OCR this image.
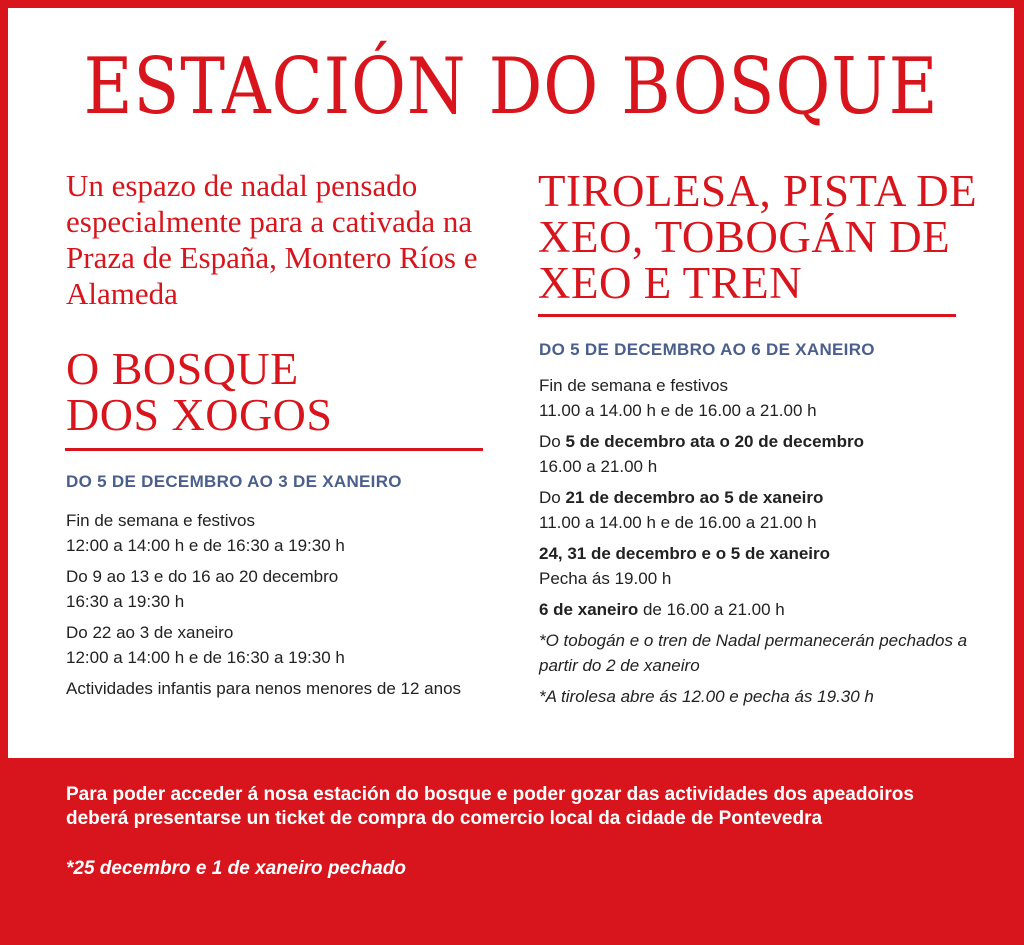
ESTACIÓN DO BOSQUE

Un espazo de nadal pensado especialmente para a cativada na Praza de España, Montero Ríos e Alameda

O BOSQUE
DOS XOGOS

DO 5 DE DECEMBRO AO 3 DE XANEIRO

Fin de semana e festivos
12:00 a 14:00 h e de 16:30 a 19:30 h
Do 9 ao 13 e do 16 ao 20 decembro
16:30 a 19:30 h
Do 22 ao 3 de xaneiro
12:00 a 14:00 h e de 16:30 a 19:30 h
Actividades infantis para nenos menores de 12 anos
TIROLESA, PISTA DE
XEO, TOBOGÁN DE
XEO E TREN

DO 5 DE DECEMBRO AO 6 DE XANEIRO

Fin de semana e festivos
11.00 a 14.00 h e de 16.00 a 21.00 h
Do 5 de decembro ata o 20 de decembro
16.00 a 21.00 h
Do 21 de decembro ao 5 de xaneiro
11.00 a 14.00 h e de 16.00 a 21.00 h
24, 31 de decembro e o 5 de xaneiro
Pecha ás 19.00 h
6 de xaneiro de 16.00 a 21.00 h
*O tobogán e o tren de Nadal permanecerán pechados a partir do 2 de xaneiro
*A tirolesa abre ás 12.00 e pecha ás 19.30 h
Para poder acceder á nosa estación do bosque e poder gozar das actividades dos apeadoiros deberá presentarse un ticket de compra do comercio local da cidade de Pontevedra
*25 decembro e 1 de xaneiro pechado
